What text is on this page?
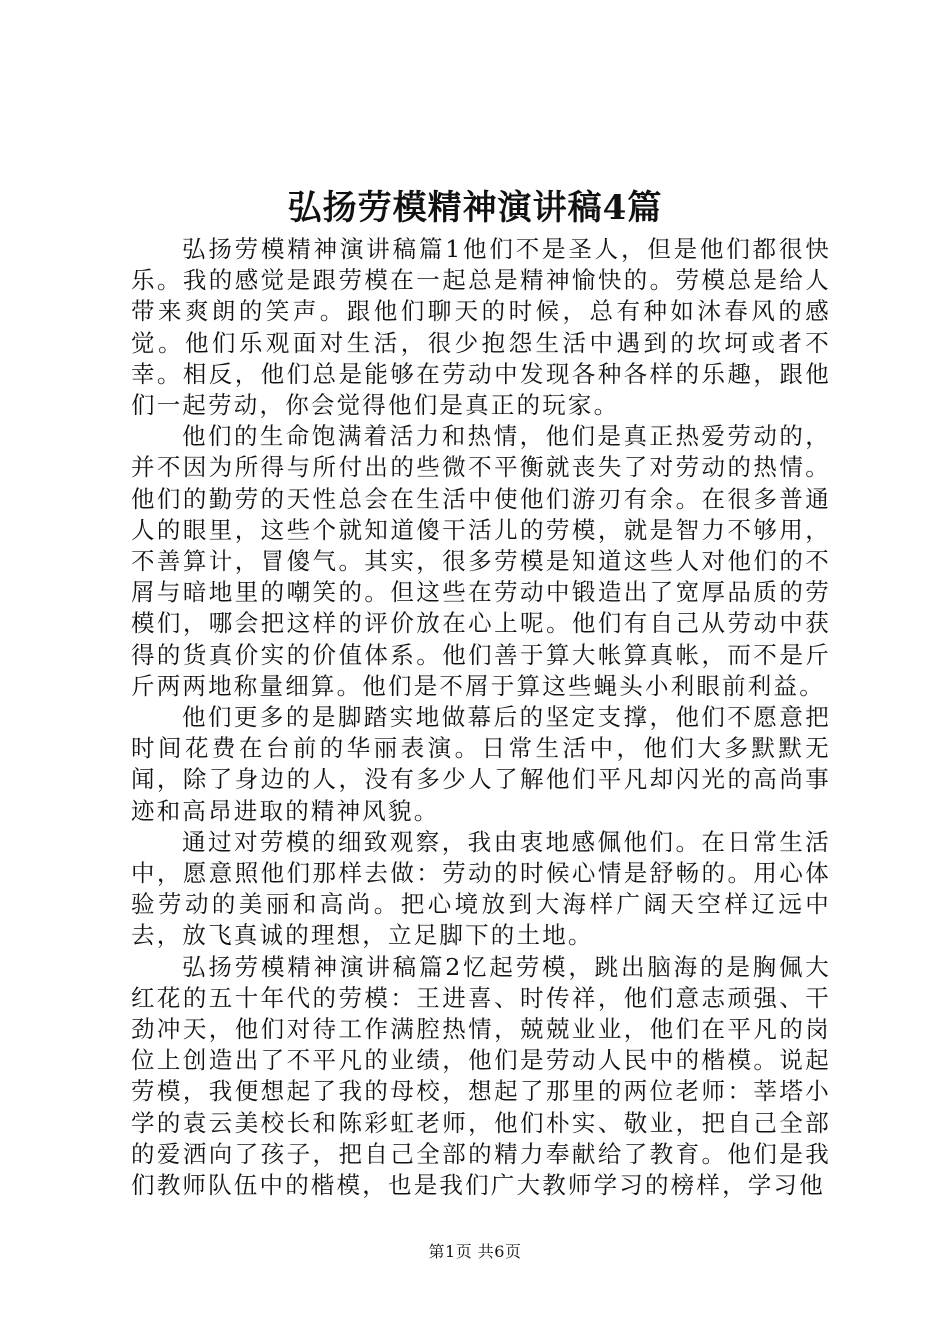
弘扬劳模精神演讲稿4篇

弘扬劳模精神演讲稿篇1他们不是圣人，但是他们都很快乐。我的感觉是跟劳模在一起总是精神愉快的。劳模总是给人带来爽朗的笑声。跟他们聊天的时候，总有种如沐春风的感觉。他们乐观面对生活，很少抱怨生活中遇到的坎坷或者不幸。相反，他们总是能够在劳动中发现各种各样的乐趣，跟他们一起劳动，你会觉得他们是真正的玩家。

他们的生命饱满着活力和热情，他们是真正热爱劳动的，并不因为所得与所付出的些微不平衡就丧失了对劳动的热情。他们的勤劳的天性总会在生活中使他们游刃有余。在很多普通人的眼里，这些个就知道傻干活儿的劳模，就是智力不够用，不善算计，冒傻气。其实，很多劳模是知道这些人对他们的不屑与暗地里的嘲笑的。但这些在劳动中锻造出了宽厚品质的劳模们，哪会把这样的评价放在心上呢。他们有自己从劳动中获得的货真价实的价值体系。他们善于算大帐算真帐，而不是斤斤两两地称量细算。他们是不屑于算这些蝇头小利眼前利益。

他们更多的是脚踏实地做幕后的坚定支撑，他们不愿意把时间花费在台前的华丽表演。日常生活中，他们大多默默无闻，除了身边的人，没有多少人了解他们平凡却闪光的高尚事迹和高昂进取的精神风貌。

通过对劳模的细致观察，我由衷地感佩他们。在日常生活中，愿意照他们那样去做：劳动的时候心情是舒畅的。用心体验劳动的美丽和高尚。把心境放到大海样广阔天空样辽远中去，放飞真诚的理想，立足脚下的土地。

弘扬劳模精神演讲稿篇2忆起劳模，跳出脑海的是胸佩大红花的五十年代的劳模：王进喜、时传祥，他们意志顽强、干劲冲天，他们对待工作满腔热情，兢兢业业，他们在平凡的岗位上创造出了不平凡的业绩，他们是劳动人民中的楷模。说起劳模，我便想起了我的母校，想起了那里的两位老师：莘塔小学的袁云美校长和陈彩虹老师，他们朴实、敬业，把自己全部的爱洒向了孩子，把自己全部的精力奉献给了教育。他们是我们教师队伍中的楷模，也是我们广大教师学习的榜样，学习他

第1页 共6页
